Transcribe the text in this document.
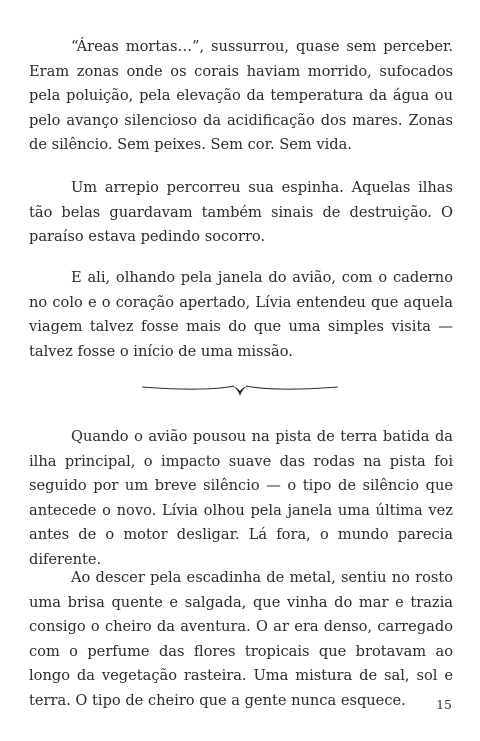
“Áreas mortas…”, sussurrou, quase sem perceber. Eram zonas onde os corais haviam morrido, sufocados pela poluição, pela elevação da temperatura da água ou pelo avanço silencioso da acidificação dos mares. Zonas de silêncio. Sem peixes. Sem cor. Sem vida.

Um arrepio percorreu sua espinha. Aquelas ilhas tão belas guardavam também sinais de destruição. O paraíso estava pedindo socorro.

E ali, olhando pela janela do avião, com o caderno no colo e o coração apertado, Lívia entendeu que aquela viagem talvez fosse mais do que uma simples visita — talvez fosse o início de uma missão.

Quando o avião pousou na pista de terra batida da ilha principal, o impacto suave das rodas na pista foi seguido por um breve silêncio — o tipo de silêncio que antecede o novo. Lívia olhou pela janela uma última vez antes de o motor desligar. Lá fora, o mundo parecia diferente.

Ao descer pela escadinha de metal, sentiu no rosto uma brisa quente e salgada, que vinha do mar e trazia consigo o cheiro da aventura. O ar era denso, carregado com o perfume das flores tropicais que brotavam ao longo da vegetação rasteira. Uma mistura de sal, sol e terra. O tipo de cheiro que a gente nunca esquece.	15
